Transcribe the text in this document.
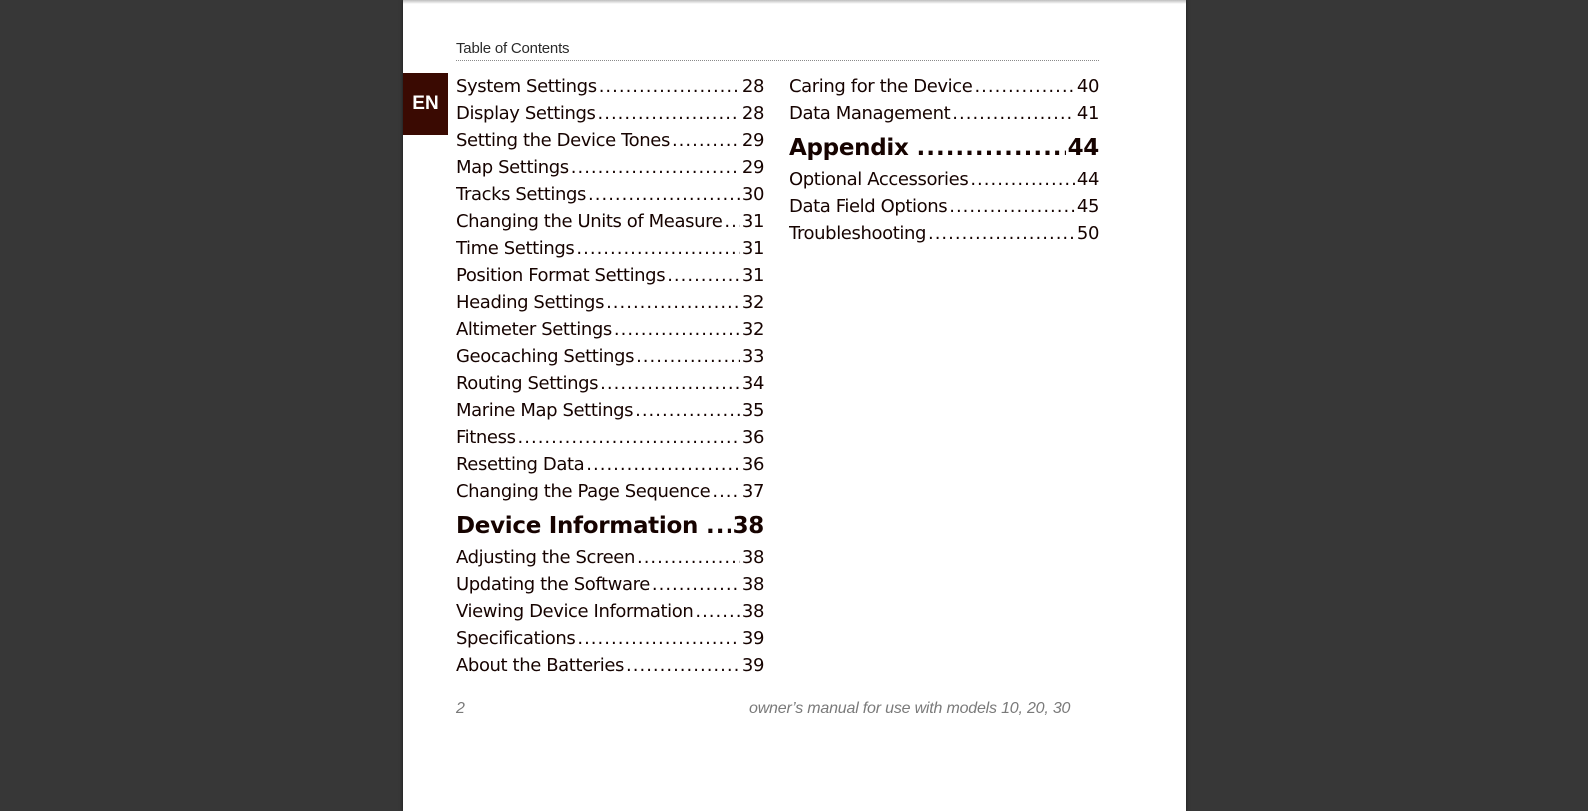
Table of Contents
EN
System Settings .....	28
Display Settings .....	28
Setting the Device Tones .....	29
Map Settings .....	29
Tracks Settings .....	30
Changing the Units of Measure ..... 31
Time Settings .....	31
Position Format Settings .....	31
Heading Settings .....	32
Altimeter Settings .....	32
Geocaching Settings .....	33
Routing Settings .....	34
Marine Map Settings .....	35
Fitness .....	36
Resetting Data .....	36
Changing the Page Sequence ..... 37
Device Information ..... 38
Adjusting the Screen .....	38
Updating the Software .....	38
Viewing Device Information .....	38
Specifications .....	39
About the Batteries .....	39
Caring for the Device .....	40
Data Management .....	41
Appendix .....	44
Optional Accessories .....	44
Data Field Options .....	45
Troubleshooting .....	50
2	owner’s manual for use with models 10, 20, 30
